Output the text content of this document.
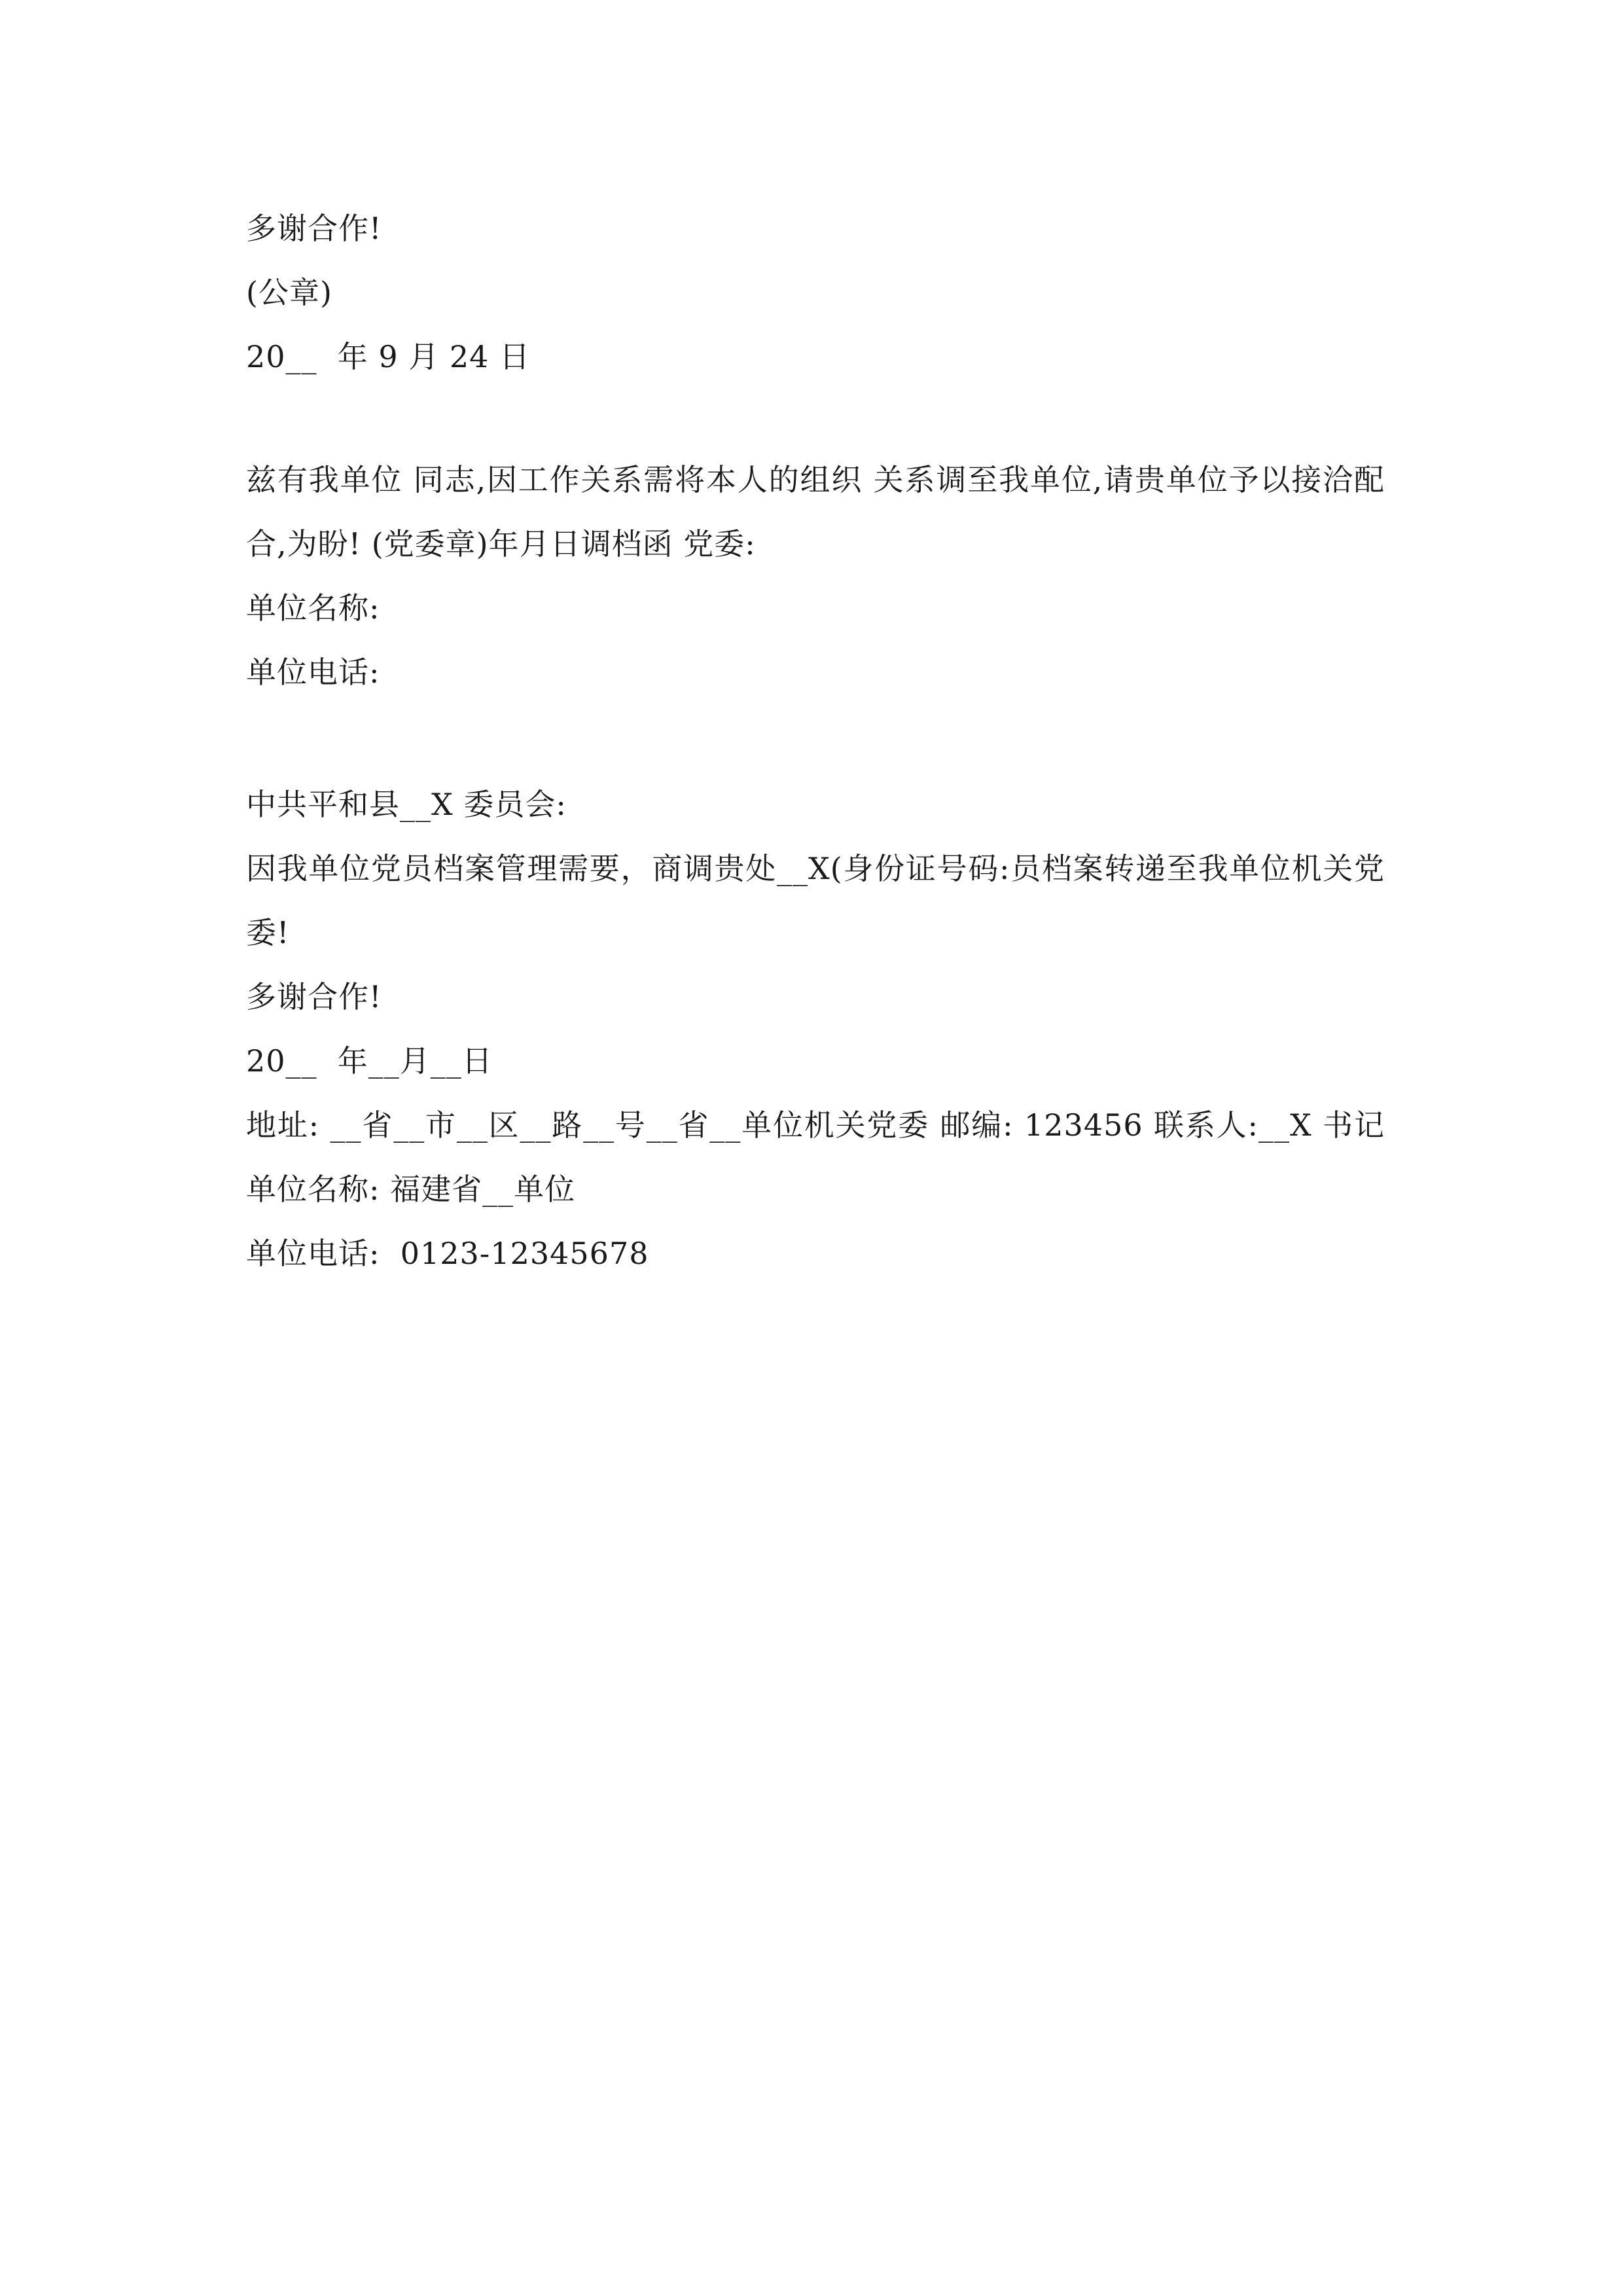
多谢合作!
(公章)
20__  年 9 月 24 日
兹有我单位 同志,因工作关系需将本人的组织 关系调至我单位,请贵单位予以接洽配合,为盼! (党委章)年月日调档函 党委:
单位名称:
单位电话:
中共平和县__X 委员会:
因我单位党员档案管理需要，商调贵处__X(身份证号码:员档案转递至我单位机关党委!
多谢合作!
20__  年__月__日
地址: __省__市__区__路__号__省__单位机关党委 邮编: 123456 联系人:__X 书记 单位名称: 福建省__单位
单位电话:  0123-12345678
